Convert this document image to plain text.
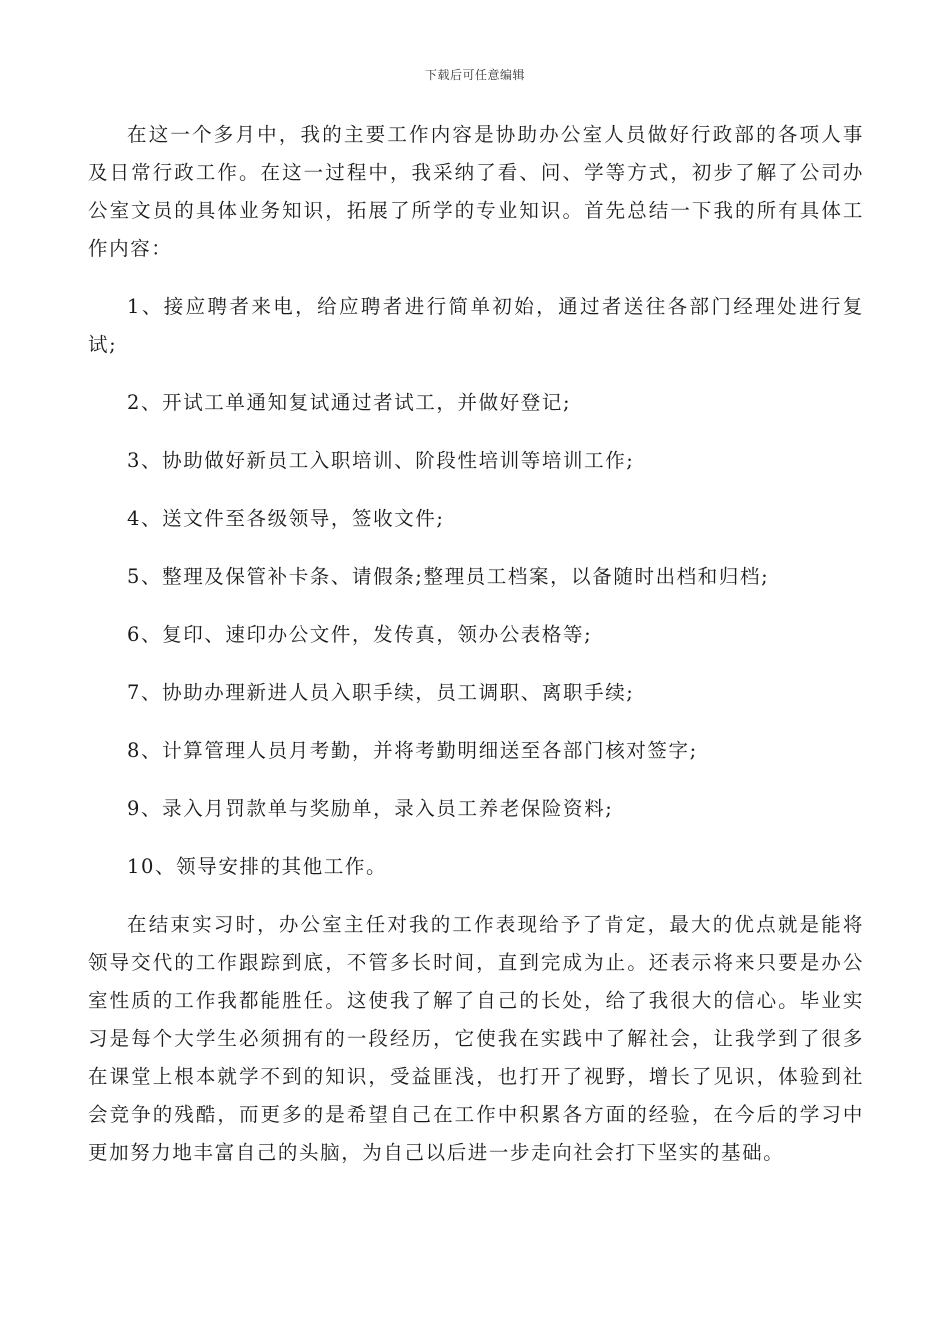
下载后可任意编辑

在这一个多月中，我的主要工作内容是协助办公室人员做好行政部的各项人事及日常行政工作。在这一过程中，我采纳了看、问、学等方式，初步了解了公司办公室文员的具体业务知识，拓展了所学的专业知识。首先总结一下我的所有具体工作内容：

1、接应聘者来电，给应聘者进行简单初始，通过者送往各部门经理处进行复试;

2、开试工单通知复试通过者试工，并做好登记;

3、协助做好新员工入职培训、阶段性培训等培训工作;

4、送文件至各级领导，签收文件;

5、整理及保管补卡条、请假条;整理员工档案，以备随时出档和归档;

6、复印、速印办公文件，发传真，领办公表格等;

7、协助办理新进人员入职手续，员工调职、离职手续;

8、计算管理人员月考勤，并将考勤明细送至各部门核对签字;

9、录入月罚款单与奖励单，录入员工养老保险资料;

10、领导安排的其他工作。

在结束实习时，办公室主任对我的工作表现给予了肯定，最大的优点就是能将领导交代的工作跟踪到底，不管多长时间，直到完成为止。还表示将来只要是办公室性质的工作我都能胜任。这使我了解了自己的长处，给了我很大的信心。毕业实习是每个大学生必须拥有的一段经历，它使我在实践中了解社会，让我学到了很多在课堂上根本就学不到的知识，受益匪浅，也打开了视野，增长了见识，体验到社会竞争的残酷，而更多的是希望自己在工作中积累各方面的经验，在今后的学习中更加努力地丰富自己的头脑，为自己以后进一步走向社会打下坚实的基础。
